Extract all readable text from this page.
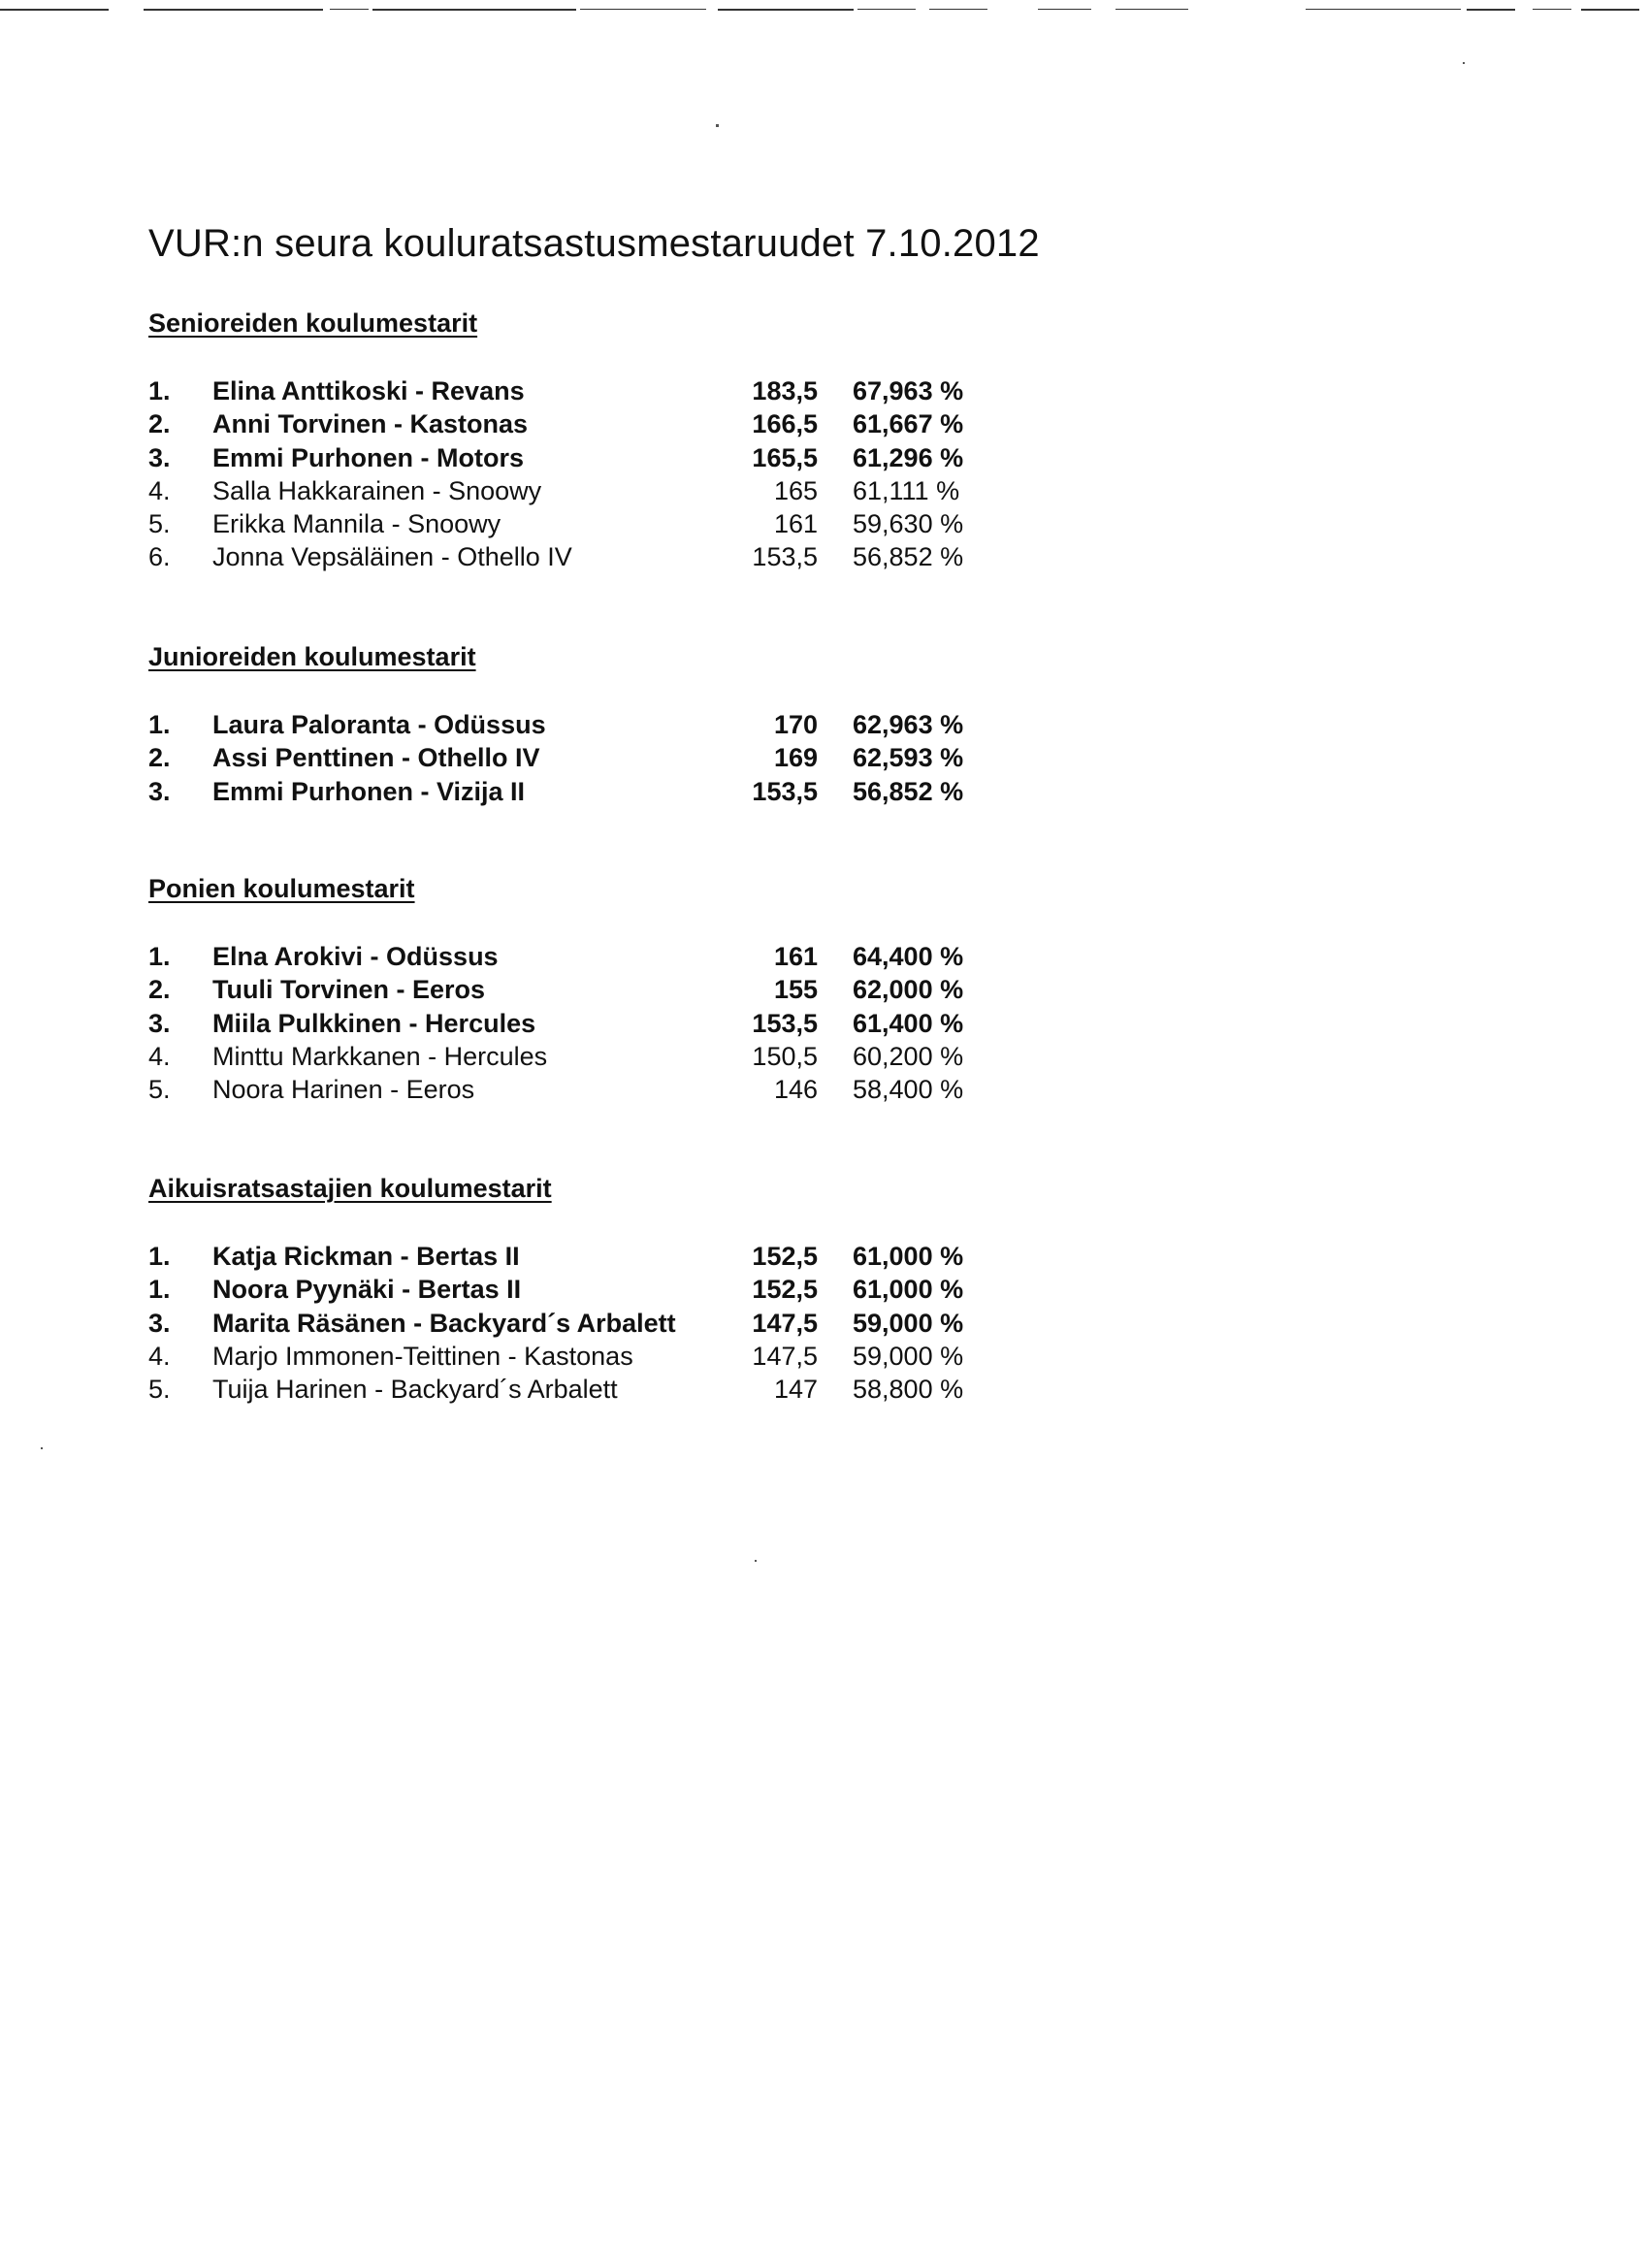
VUR:n seura kouluratsastusmestaruudet 7.10.2012
Senioreiden koulumestarit
1. Elina Anttikoski - Revans	183,5 67,963 %
2. Anni Torvinen - Kastonas	166,5 61,667 %
3. Emmi Purhonen - Motors	165,5 61,296 %
4. Salla Hakkarainen - Snoowy	165 61,111 %
5. Erikka Mannila - Snoowy	161 59,630 %
6. Jonna Vepsäläinen - Othello IV	153,5 56,852 %
Junioreiden koulumestarit
1. Laura Paloranta - Odüssus	170 62,963 %
2. Assi Penttinen - Othello IV	169 62,593 %
3. Emmi Purhonen - Vizija II	153,5 56,852 %
Ponien koulumestarit
1. Elna Arokivi - Odüssus	161 64,400 %
2. Tuuli Torvinen - Eeros	155 62,000 %
3. Miila Pulkkinen - Hercules	153,5 61,400 %
4. Minttu Markkanen - Hercules	150,5 60,200 %
5. Noora Harinen - Eeros	146 58,400 %
Aikuisratsastajien koulumestarit
1. Katja Rickman - Bertas II	152,5 61,000 %
1. Noora Pyynäki - Bertas II	152,5 61,000 %
3. Marita Räsänen - Backyard´s Arbalett	147,5 59,000 %
4. Marjo Immonen-Teittinen - Kastonas	147,5 59,000 %
5. Tuija Harinen - Backyard´s Arbalett	147 58,800 %
